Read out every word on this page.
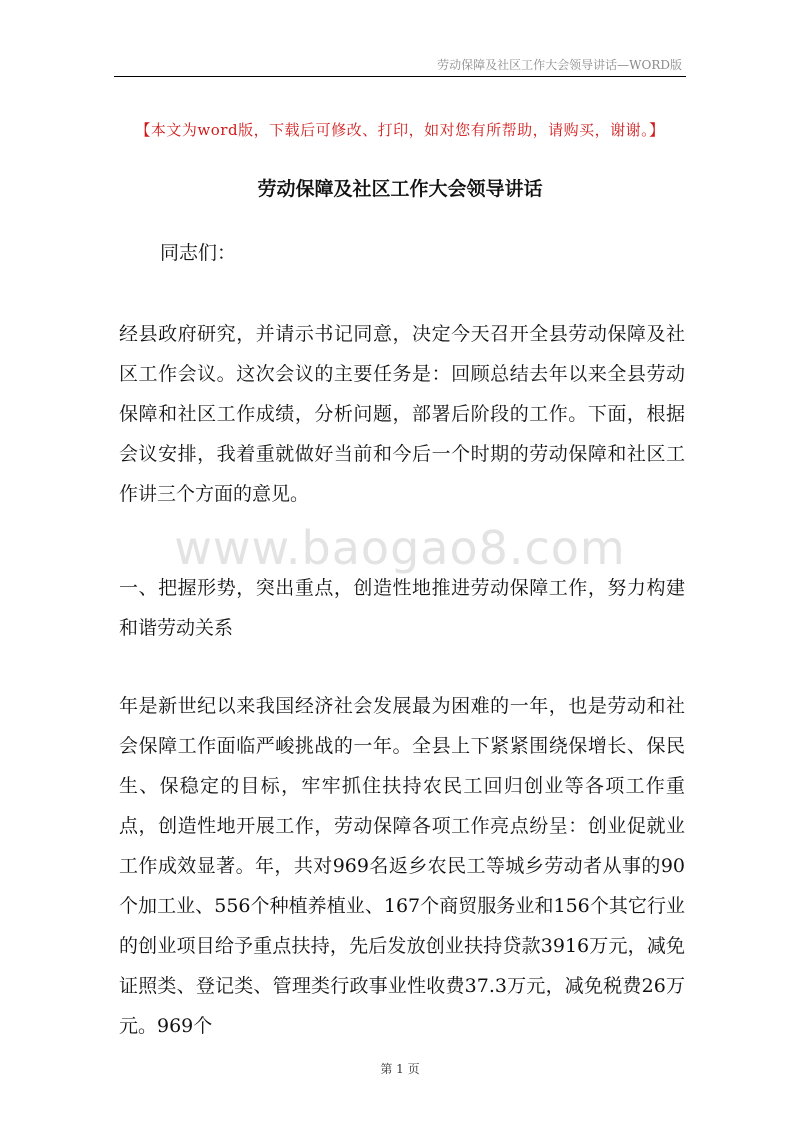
劳动保障及社区工作大会领导讲话—WORD版
【本文为word版，下载后可修改、打印，如对您有所帮助，请购买，谢谢。】
劳动保障及社区工作大会领导讲话
同志们：

经县政府研究，并请示书记同意，决定今天召开全县劳动保障及社区工作会议。这次会议的主要任务是：回顾总结去年以来全县劳动保障和社区工作成绩，分析问题，部署后阶段的工作。下面，根据会议安排，我着重就做好当前和今后一个时期的劳动保障和社区工作讲三个方面的意见。

www.baogao8.com

一、把握形势，突出重点，创造性地推进劳动保障工作，努力构建和谐劳动关系

年是新世纪以来我国经济社会发展最为困难的一年，也是劳动和社会保障工作面临严峻挑战的一年。全县上下紧紧围绕保增长、保民生、保稳定的目标，牢牢抓住扶持农民工回归创业等各项工作重点，创造性地开展工作，劳动保障各项工作亮点纷呈：创业促就业工作成效显著。年，共对969名返乡农民工等城乡劳动者从事的90个加工业、556个种植养植业、167个商贸服务业和156个其它行业的创业项目给予重点扶持，先后发放创业扶持贷款3916万元，减免证照类、登记类、管理类行政事业性收费37.3万元，减免税费26万元。969个

第 1 页
